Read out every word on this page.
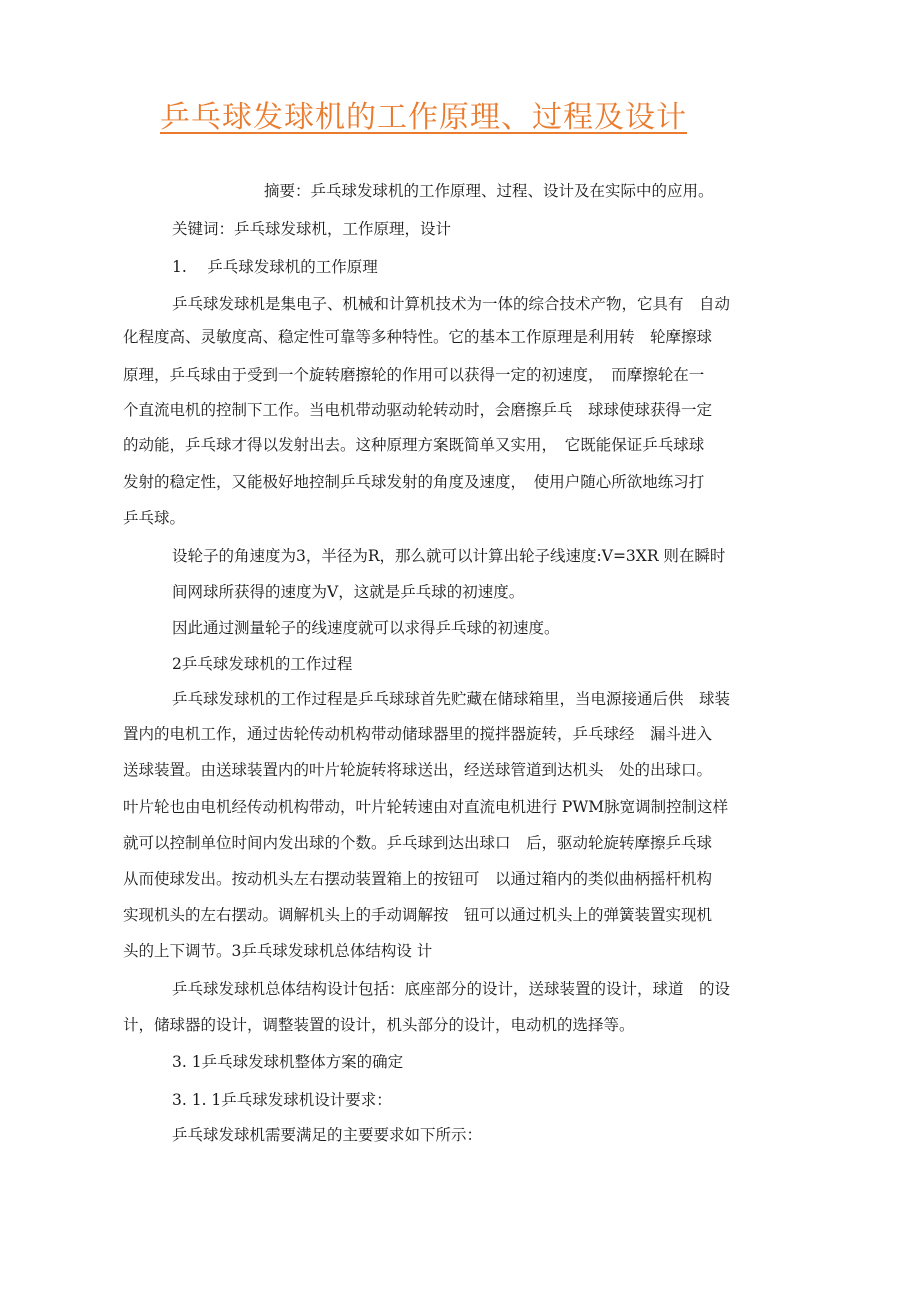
乒乓球发球机的工作原理、过程及设计
摘要：乒乓球发球机的工作原理、过程、设计及在实际中的应用。
关键词：乒乓球发球机，工作原理，设计
1.　 乒乓球发球机的工作原理
乒乓球发球机是集电子、机械和计算机技术为一体的综合技术产物，它具有　自动
化程度高、灵敏度高、稳定性可靠等多种特性。它的基本工作原理是利用转　轮摩擦球
原理，乒乓球由于受到一个旋转磨擦轮的作用可以获得一定的初速度，　而摩擦轮在一
个直流电机的控制下工作。当电机带动驱动轮转动时，会磨擦乒乓　球球使球获得一定
的动能，乒乓球才得以发射出去。这种原理方案既简单又实用，　它既能保证乒乓球球
发射的稳定性，又能极好地控制乒乓球发射的角度及速度，　使用户随心所欲地练习打
乒乓球。
设轮子的角速度为3，半径为R，那么就可以计算出轮子线速度:V=3XR 则在瞬时
间网球所获得的速度为V，这就是乒乓球的初速度。
因此通过测量轮子的线速度就可以求得乒乓球的初速度。
2乒乓球发球机的工作过程
乒乓球发球机的工作过程是乒乓球球首先贮藏在储球箱里，当电源接通后供　球装
置内的电机工作，通过齿轮传动机构带动储球器里的搅拌器旋转，乒乓球经　漏斗进入
送球装置。由送球装置内的叶片轮旋转将球送出，经送球管道到达机头　处的出球口。
叶片轮也由电机经传动机构带动，叶片轮转速由对直流电机进行 PWM脉宽调制控制这样
就可以控制单位时间内发出球的个数。乒乓球到达出球口　后，驱动轮旋转摩擦乒乓球
从而使球发出。按动机头左右摆动装置箱上的按钮可　以通过箱内的类似曲柄摇杆机构
实现机头的左右摆动。调解机头上的手动调解按　钮可以通过机头上的弹簧装置实现机
头的上下调节。3乒乓球发球机总体结构设 计
乒乓球发球机总体结构设计包括：底座部分的设计，送球装置的设计，球道　的设
计，储球器的设计，调整装置的设计，机头部分的设计，电动机的选择等。
3. 1乒乓球发球机整体方案的确定
3. 1. 1乒乓球发球机设计要求：
乒乓球发球机需要满足的主要要求如下所示：
